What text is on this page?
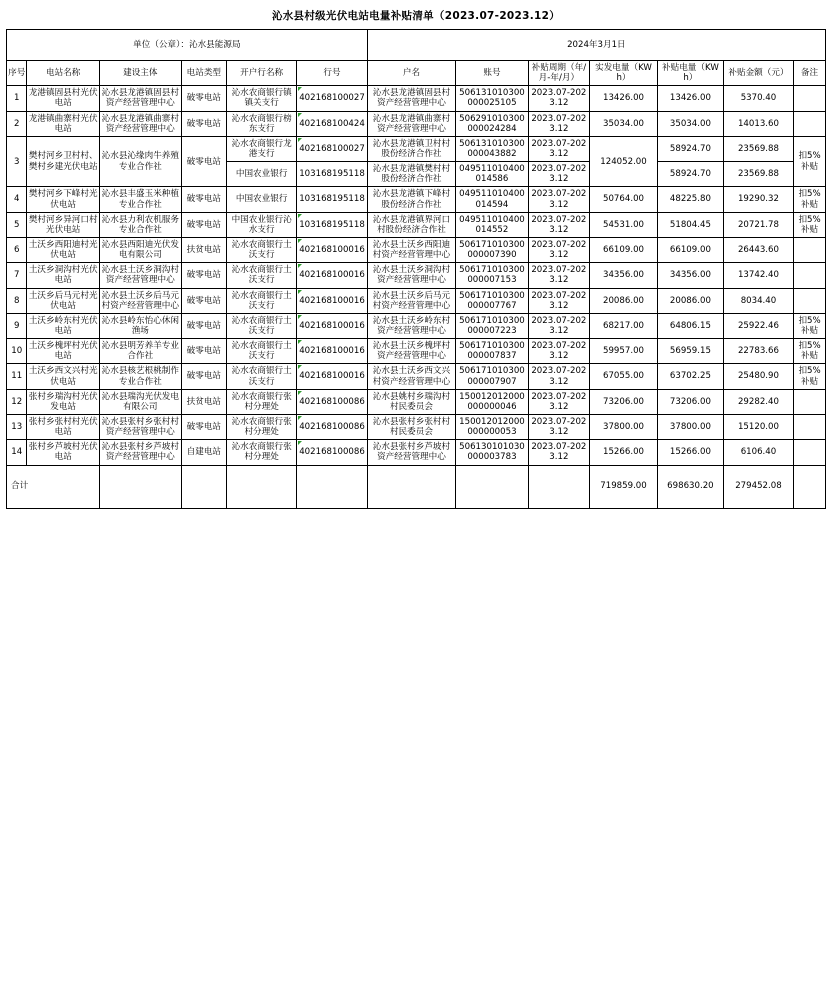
沁水县村级光伏电站电量补贴清单（2023.07-2023.12）
单位（公章）：沁水县能源局						2024年3月1日						
序号	电站名称	建设主体	电站类型	开户行名称	行号	户名	账号	补贴周期（年/月-年/月）	实发电量（KWh）	补贴电量（KWh）	补贴金额（元）	备注
1	龙港镇固县村光伏电站	沁水县龙港镇固县村资产经营管理中心	破零电站	沁水农商银行镇镇关支行	402168100027	沁水县龙港镇固县村资产经营管理中心	506131010300000025105	2023.07-2023.12	13426.00	13426.00	5370.40	
2	龙港镇曲寨村光伏电站	沁水县龙港镇曲寨村资产经营管理中心	破零电站	沁水农商银行榜东支行	402168100424	沁水县龙港镇曲寨村资产经营管理中心	506291010300000024284	2023.07-2023.12	35034.00	35034.00	14013.60	
3	樊村河乡卫村村、樊村乡建光伏电站	沁水县沁缘肉牛养殖专业合作社	破零电站	沁水农商银行龙港支行	402168100027	沁水县龙港镇卫村村股份经济合作社	506131010300000043882	2023.07-2023.12	124052.00	58924.70	23569.88	扣5%补贴
				中国农业银行	103168195118	沁水县龙港镇樊村村股份经济合作社	049511010400014586	2023.07-2023.12		58924.70	23569.88	
4	樊村河乡下峰村光伏电站	沁水县丰盛玉米种植专业合作社	破零电站	中国农业银行	103168195118	沁水县龙港镇下峰村股份经济合作社	049511010400014594	2023.07-2023.12	50764.00	48225.80	19290.32	扣5%补贴
5	樊村河乡异河口村光伏电站	沁水县力利农机服务专业合作社	破零电站	中国农业银行沁水支行	103168195118	沁水县龙港镇界河口村股份经济合作社	049511010400014552	2023.07-2023.12	54531.00	51804.45	20721.78	扣5%补贴
6	土沃乡西阳迪村光伏电站	沁水县西阳迪光伏发电有限公司	扶贫电站	沁水农商银行土沃支行	402168100016	沁水县土沃乡西阳迪村资产经营管理中心	506171010300000007390	2023.07-2023.12	66109.00	66109.00	26443.60	
7	土沃乡洞沟村光伏电站	沁水县土沃乡洞沟村资产经营管理中心	破零电站	沁水农商银行土沃支行	402168100016	沁水县土沃乡洞沟村资产经营管理中心	506171010300000007153	2023.07-2023.12	34356.00	34356.00	13742.40	
8	土沃乡后马元村光伏电站	沁水县土沃乡后马元村资产经营管理中心	破零电站	沁水农商银行土沃支行	402168100016	沁水县土沃乡后马元村资产经营管理中心	506171010300000007767	2023.07-2023.12	20086.00	20086.00	8034.40	
9	土沃乡岭东村光伏电站	沁水县岭东怡心休闲渔场	破零电站	沁水农商银行土沃支行	402168100016	沁水县土沃乡岭东村资产经营管理中心	506171010300000007223	2023.07-2023.12	68217.00	64806.15	25922.46	扣5%补贴
10	土沃乡槐坪村光伏电站	沁水县明芳养羊专业合作社	破零电站	沁水农商银行土沃支行	402168100016	沁水县土沃乡槐坪村资产经营管理中心	506171010300000007837	2023.07-2023.12	59957.00	56959.15	22783.66	扣5%补贴
11	土沃乡西文兴村光伏电站	沁水县核艺根桃制作专业合作社	破零电站	沁水农商银行土沃支行	402168100016	沁水县土沃乡西文兴村资产经营管理中心	506171010300000007907	2023.07-2023.12	67055.00	63702.25	25480.90	扣5%补贴
12	张村乡瑞沟村光伏发电站	沁水县瑞沟光伏发电有限公司	扶贫电站	沁水农商银行张村分理处	402168100086	沁水县姚村乡瑞沟村村民委员会	150012012000000000046	2023.07-2023.12	73206.00	73206.00	29282.40	
13	张村乡张村村光伏电站	沁水县张村乡张村村资产经营管理中心	破零电站	沁水农商银行张村分理处	402168100086	沁水县张村乡张村村村民委员会	150012012000000000053	2023.07-2023.12	37800.00	37800.00	15120.00	
14	张村乡芦坡村光伏电站	沁水县张村乡芦坡村资产经营管理中心	自建电站	沁水农商银行张村分理处	402168100086	沁水县张村乡芦坡村资产经营管理中心	506130101030000003783	2023.07-2023.12	15266.00	15266.00	6106.40	
合计									719859.00	698630.20	279452.08	
